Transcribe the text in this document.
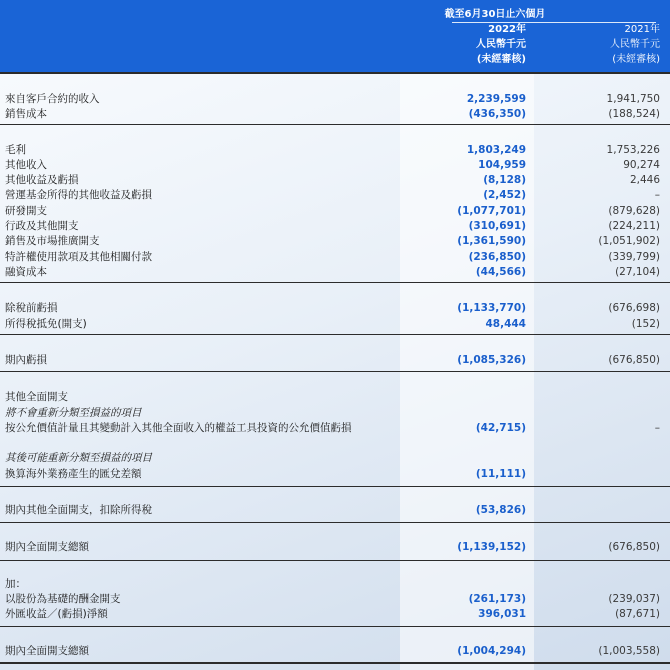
截至6月30日止六個月
2022年
人民幣千元
(未經審核)
2021年
人民幣千元
(未經審核)
來自客戶合約的收入	2,239,599	1,941,750
銷售成本	(436,350)	(188,524)
毛利	1,803,249	1,753,226
其他收入	104,959	90,274
其他收益及虧損	(8,128)	2,446
營運基金所得的其他收益及虧損	(2,452)	–
研發開支	(1,077,701)	(879,628)
行政及其他開支	(310,691)	(224,211)
銷售及市場推廣開支	(1,361,590)	(1,051,902)
特許權使用款項及其他相關付款	(236,850)	(339,799)
融資成本	(44,566)	(27,104)
除稅前虧損	(1,133,770)	(676,698)
所得稅抵免(開支)	48,444	(152)
期內虧損	(1,085,326)	(676,850)
其他全面開支
將不會重新分類至損益的項目
按公允價值計量且其變動計入其他全面收入的權益工具投資的公允價值虧損	(42,715)	–
其後可能重新分類至損益的項目
換算海外業務產生的匯兌差額	(11,111)
期內其他全面開支，扣除所得稅	(53,826)
期內全面開支總額	(1,139,152)	(676,850)
加：
以股份為基礎的酬金開支	(261,173)	(239,037)
外匯收益／(虧損)淨額	396,031	(87,671)
期內全面開支總額	(1,004,294)	(1,003,558)
